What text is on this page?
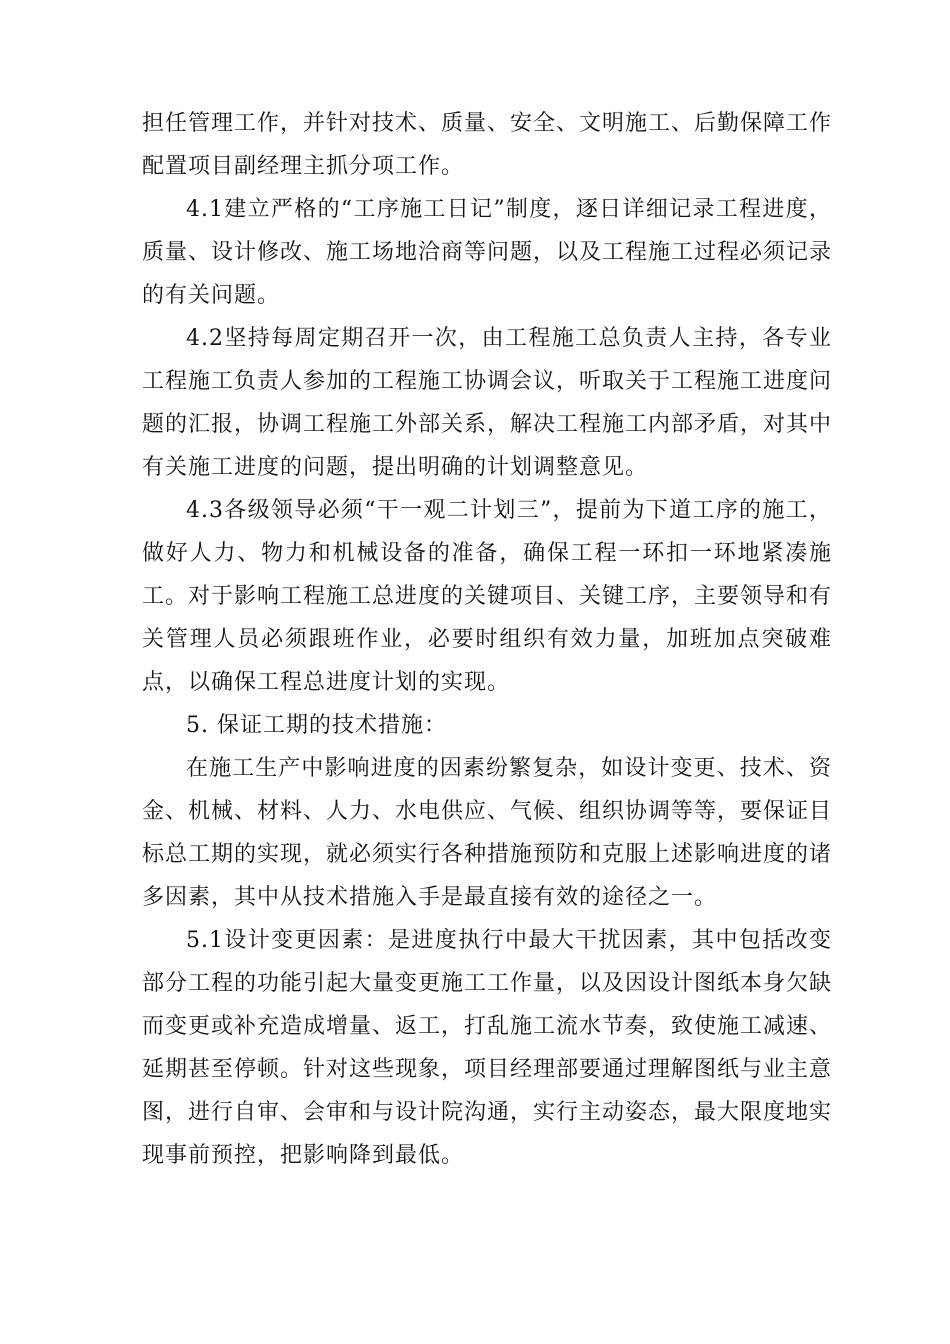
担任管理工作，并针对技术、质量、安全、文明施工、后勤保障工作配置项目副经理主抓分项工作。

4.1建立严格的“工序施工日记”制度，逐日详细记录工程进度，质量、设计修改、施工场地洽商等问题，以及工程施工过程必须记录的有关问题。

4.2坚持每周定期召开一次，由工程施工总负责人主持，各专业工程施工负责人参加的工程施工协调会议，听取关于工程施工进度问题的汇报，协调工程施工外部关系，解决工程施工内部矛盾，对其中有关施工进度的问题，提出明确的计划调整意见。

4.3各级领导必须“干一观二计划三”，提前为下道工序的施工，做好人力、物力和机械设备的准备，确保工程一环扣一环地紧凑施工。对于影响工程施工总进度的关键项目、关键工序，主要领导和有关管理人员必须跟班作业，必要时组织有效力量，加班加点突破难点，以确保工程总进度计划的实现。

5. 保证工期的技术措施：

在施工生产中影响进度的因素纷繁复杂，如设计变更、技术、资金、机械、材料、人力、水电供应、气候、组织协调等等，要保证目标总工期的实现，就必须实行各种措施预防和克服上述影响进度的诸多因素，其中从技术措施入手是最直接有效的途径之一。

5.1设计变更因素：是进度执行中最大干扰因素，其中包括改变部分工程的功能引起大量变更施工工作量，以及因设计图纸本身欠缺而变更或补充造成增量、返工，打乱施工流水节奏，致使施工减速、延期甚至停顿。针对这些现象，项目经理部要通过理解图纸与业主意图，进行自审、会审和与设计院沟通，实行主动姿态，最大限度地实现事前预控，把影响降到最低。
